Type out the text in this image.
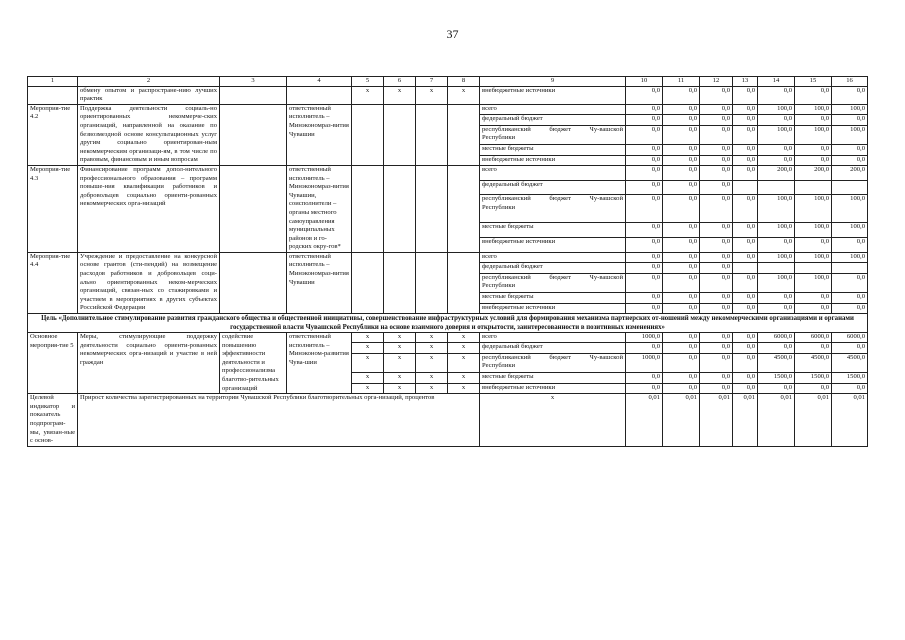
37
1	2	3	4	5	6	7	8	9	10	11	12	13	14	15	16
	обмену опытом и распростране-нию лучших практик			x	x	x	x	внебюджетные источники	0,0	0,0	0,0	0,0	0,0	0,0	0,0
Мероприя-тие 4.2	Поддержка деятельности социаль-но ориентированных некоммерче-ских организаций, направленной на оказание по безвозмездной основе консультационных услуг другим социально ориентирован-ным некоммерческим организаци-ям, в том числе по правовым, финансовым и иным вопросам		ответственный исполнитель – Минэкономраз-вития Чувашии					всего	0,0	0,0	0,0	0,0	100,0	100,0	100,0
								федеральный бюджет	0,0	0,0	0,0	0,0	0,0	0,0	0,0
								республиканский бюджет Чу-вашской Республики	0,0	0,0	0,0	0,0	100,0	100,0	100,0
								местные бюджеты	0,0	0,0	0,0	0,0	0,0	0,0	0,0
								внебюджетные источники	0,0	0,0	0,0	0,0	0,0	0,0	0,0
Мероприя-тие 4.3	Финансирование программ допол-нительного профессионального образования – программ повыше-ния квалификации работников и добровольцев социально ориенти-рованных некоммерческих орга-низаций		ответственный исполнитель – Минэкономраз-вития Чувашии, соисполнители – органы местного самоуправления муниципальных районов и го-родских окру-гов*					всего	0,0	0,0	0,0	0,0	200,0	200,0	200,0
								федеральный бюджет	0,0	0,0	0,0				
								республиканский бюджет Чу-вашской Республики	0,0	0,0	0,0	0,0	100,0	100,0	100,0
								местные бюджеты	0,0	0,0	0,0	0,0	100,0	100,0	100,0
								внебюджетные источники	0,0	0,0	0,0	0,0	0,0	0,0	0,0
Мероприя-тие 4.4	Учреждение и предоставление на конкурсной основе грантов (сти-пендий) на возмещение расходов работников и добровольцев соци-ально ориентированных неком-мерческих организаций, связан-ных со стажировками и участием в мероприятиях в других субъектах Российской Федерации		ответственный исполнитель – Минэкономраз-вития Чувашии					всего	0,0	0,0	0,0	0,0	100,0	100,0	100,0
								федеральный бюджет	0,0	0,0	0,0				
								республиканский бюджет Чу-вашской Республики	0,0	0,0	0,0	0,0	100,0	100,0	0,0
								местные бюджеты	0,0	0,0	0,0	0,0	0,0	0,0	0,0
								внебюджетные источники	0,0	0,0	0,0	0,0	0,0	0,0	0,0
Цель «Дополнительное стимулирование развития гражданского общества и общественной инициативы, совершенствование инфраструктурных условий для формирования механизма партнерских от-ношений между некоммерческими организациями и органами государственной власти Чувашской Республики на основе взаимного доверия и открытости, заинтересованности в позитивных изменениях»															
Основное мероприя-тие 5	Меры, стимулирующие поддержку деятельности социально ориенти-рованных некоммерческих орга-низаций и участие в ней граждан	содействие повышению эффективности деятельности и профессионализма благотво-рительных организаций	ответственный исполнитель – Минэконом-развития Чува-шии	x	x	x	x	всего	1000,0	0,0	0,0	0,0	6000,0	6000,0	6000,0
				x	x	x	x	федеральный бюджет	0,0	0,0	0,0	0,0	0,0	0,0	0,0
				x	x	x	x	республиканский бюджет Чу-вашской Республики	1000,0	0,0	0,0	0,0	4500,0	4500,0	4500,0
				x	x	x	x	местные бюджеты	0,0	0,0	0,0	0,0	1500,0	1500,0	1500,0
				x	x	x	x	внебюджетные источники	0,0	0,0	0,0	0,0	0,0	0,0	0,0
Целевой индикатор и показатель подпрограм-мы, увязан-ные с основ-	Прирост количества зарегистрированных на территории Чувашской Республики благотворительных орга-низаций, процентов							x	0,01	0,01	0,01	0,01	0,01	0,01	0,01
